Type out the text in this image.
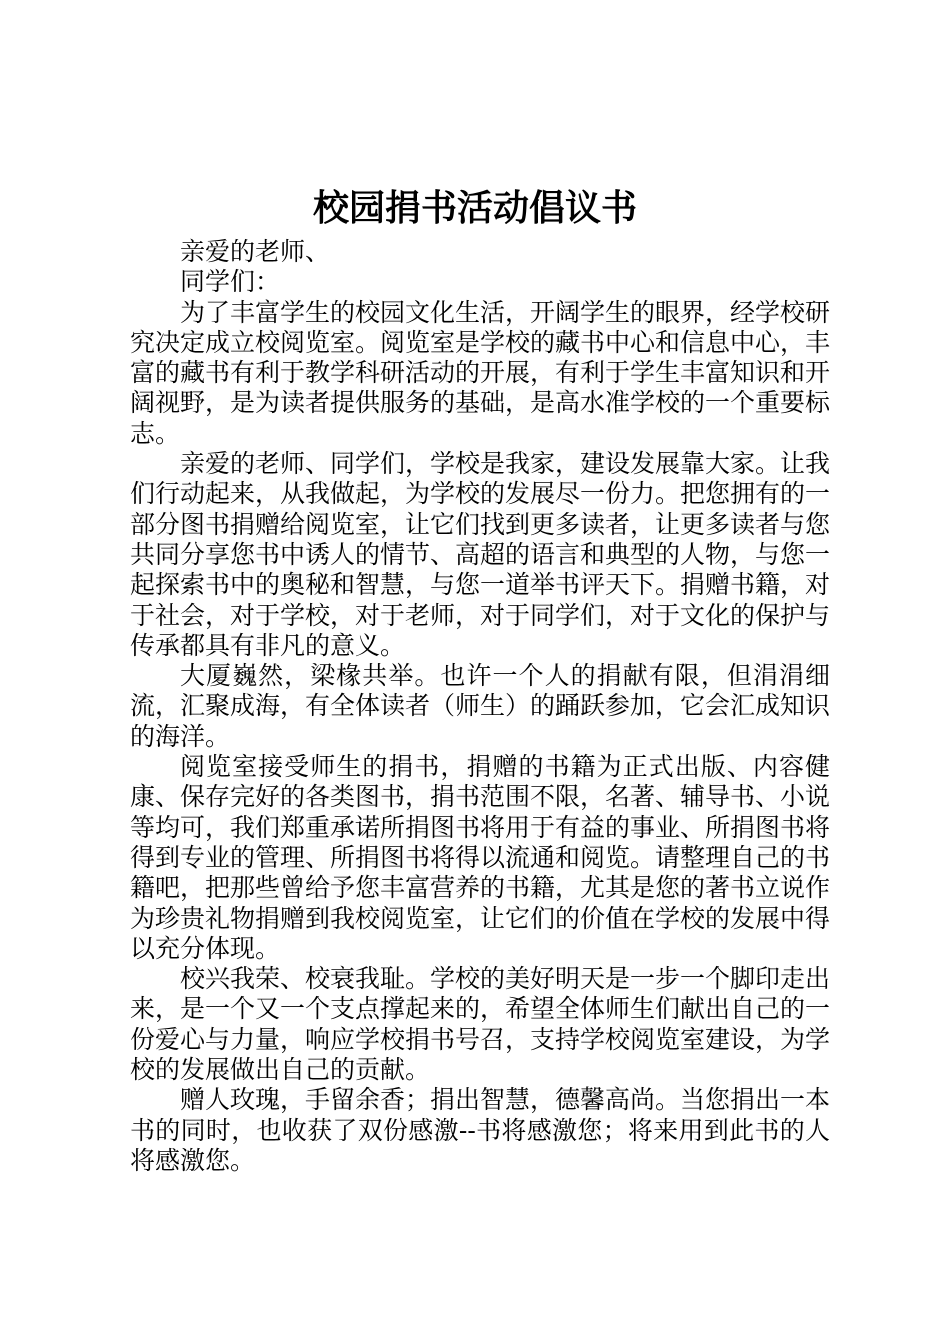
校园捐书活动倡议书

亲爱的老师、

同学们：

为了丰富学生的校园文化生活，开阔学生的眼界，经学校研究决定成立校阅览室。阅览室是学校的藏书中心和信息中心，丰富的藏书有利于教学科研活动的开展，有利于学生丰富知识和开阔视野，是为读者提供服务的基础，是高水准学校的一个重要标志。

亲爱的老师、同学们，学校是我家，建设发展靠大家。让我们行动起来，从我做起，为学校的发展尽一份力。把您拥有的一部分图书捐赠给阅览室，让它们找到更多读者，让更多读者与您共同分享您书中诱人的情节、高超的语言和典型的人物，与您一起探索书中的奥秘和智慧，与您一道举书评天下。捐赠书籍，对于社会，对于学校，对于老师，对于同学们，对于文化的保护与传承都具有非凡的意义。

大厦巍然，梁椽共举。也许一个人的捐献有限，但涓涓细流，汇聚成海，有全体读者（师生）的踊跃参加，它会汇成知识的海洋。

阅览室接受师生的捐书，捐赠的书籍为正式出版、内容健康、保存完好的各类图书，捐书范围不限，名著、辅导书、小说等均可，我们郑重承诺所捐图书将用于有益的事业、所捐图书将得到专业的管理、所捐图书将得以流通和阅览。请整理自己的书籍吧，把那些曾给予您丰富营养的书籍，尤其是您的著书立说作为珍贵礼物捐赠到我校阅览室，让它们的价值在学校的发展中得以充分体现。

校兴我荣、校衰我耻。学校的美好明天是一步一个脚印走出来，是一个又一个支点撑起来的，希望全体师生们献出自己的一份爱心与力量，响应学校捐书号召，支持学校阅览室建设，为学校的发展做出自己的贡献。

赠人玫瑰，手留余香；捐出智慧，德馨高尚。当您捐出一本书的同时，也收获了双份感激--书将感激您；将来用到此书的人将感激您。
